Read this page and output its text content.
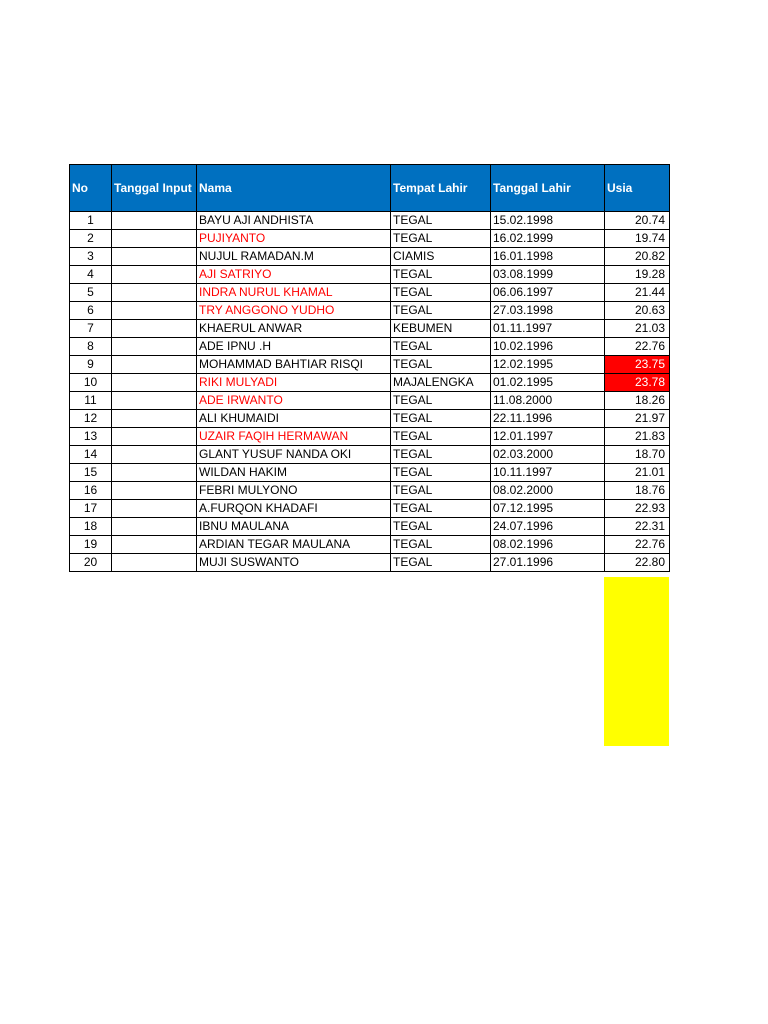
No	Tanggal Input	Nama	Tempat Lahir	Tanggal Lahir	Usia
1		BAYU AJI ANDHISTA	TEGAL	15.02.1998	20.74
2		PUJIYANTO	TEGAL	16.02.1999	19.74
3		NUJUL RAMADAN.M	CIAMIS	16.01.1998	20.82
4		AJI SATRIYO	TEGAL	03.08.1999	19.28
5		INDRA NURUL KHAMAL	TEGAL	06.06.1997	21.44
6		TRY ANGGONO YUDHO	TEGAL	27.03.1998	20.63
7		KHAERUL ANWAR	KEBUMEN	01.11.1997	21.03
8		ADE IPNU .H	TEGAL	10.02.1996	22.76
9		MOHAMMAD BAHTIAR RISQI	TEGAL	12.02.1995	23.75
10		RIKI MULYADI	MAJALENGKA	01.02.1995	23.78
11		ADE IRWANTO	TEGAL	11.08.2000	18.26
12		ALI KHUMAIDI	TEGAL	22.11.1996	21.97
13		UZAIR FAQIH HERMAWAN	TEGAL	12.01.1997	21.83
14		GLANT YUSUF NANDA OKI	TEGAL	02.03.2000	18.70
15		WILDAN HAKIM	TEGAL	10.11.1997	21.01
16		FEBRI MULYONO	TEGAL	08.02.2000	18.76
17		A.FURQON KHADAFI	TEGAL	07.12.1995	22.93
18		IBNU MAULANA	TEGAL	24.07.1996	22.31
19		ARDIAN TEGAR MAULANA	TEGAL	08.02.1996	22.76
20		MUJI SUSWANTO	TEGAL	27.01.1996	22.80
